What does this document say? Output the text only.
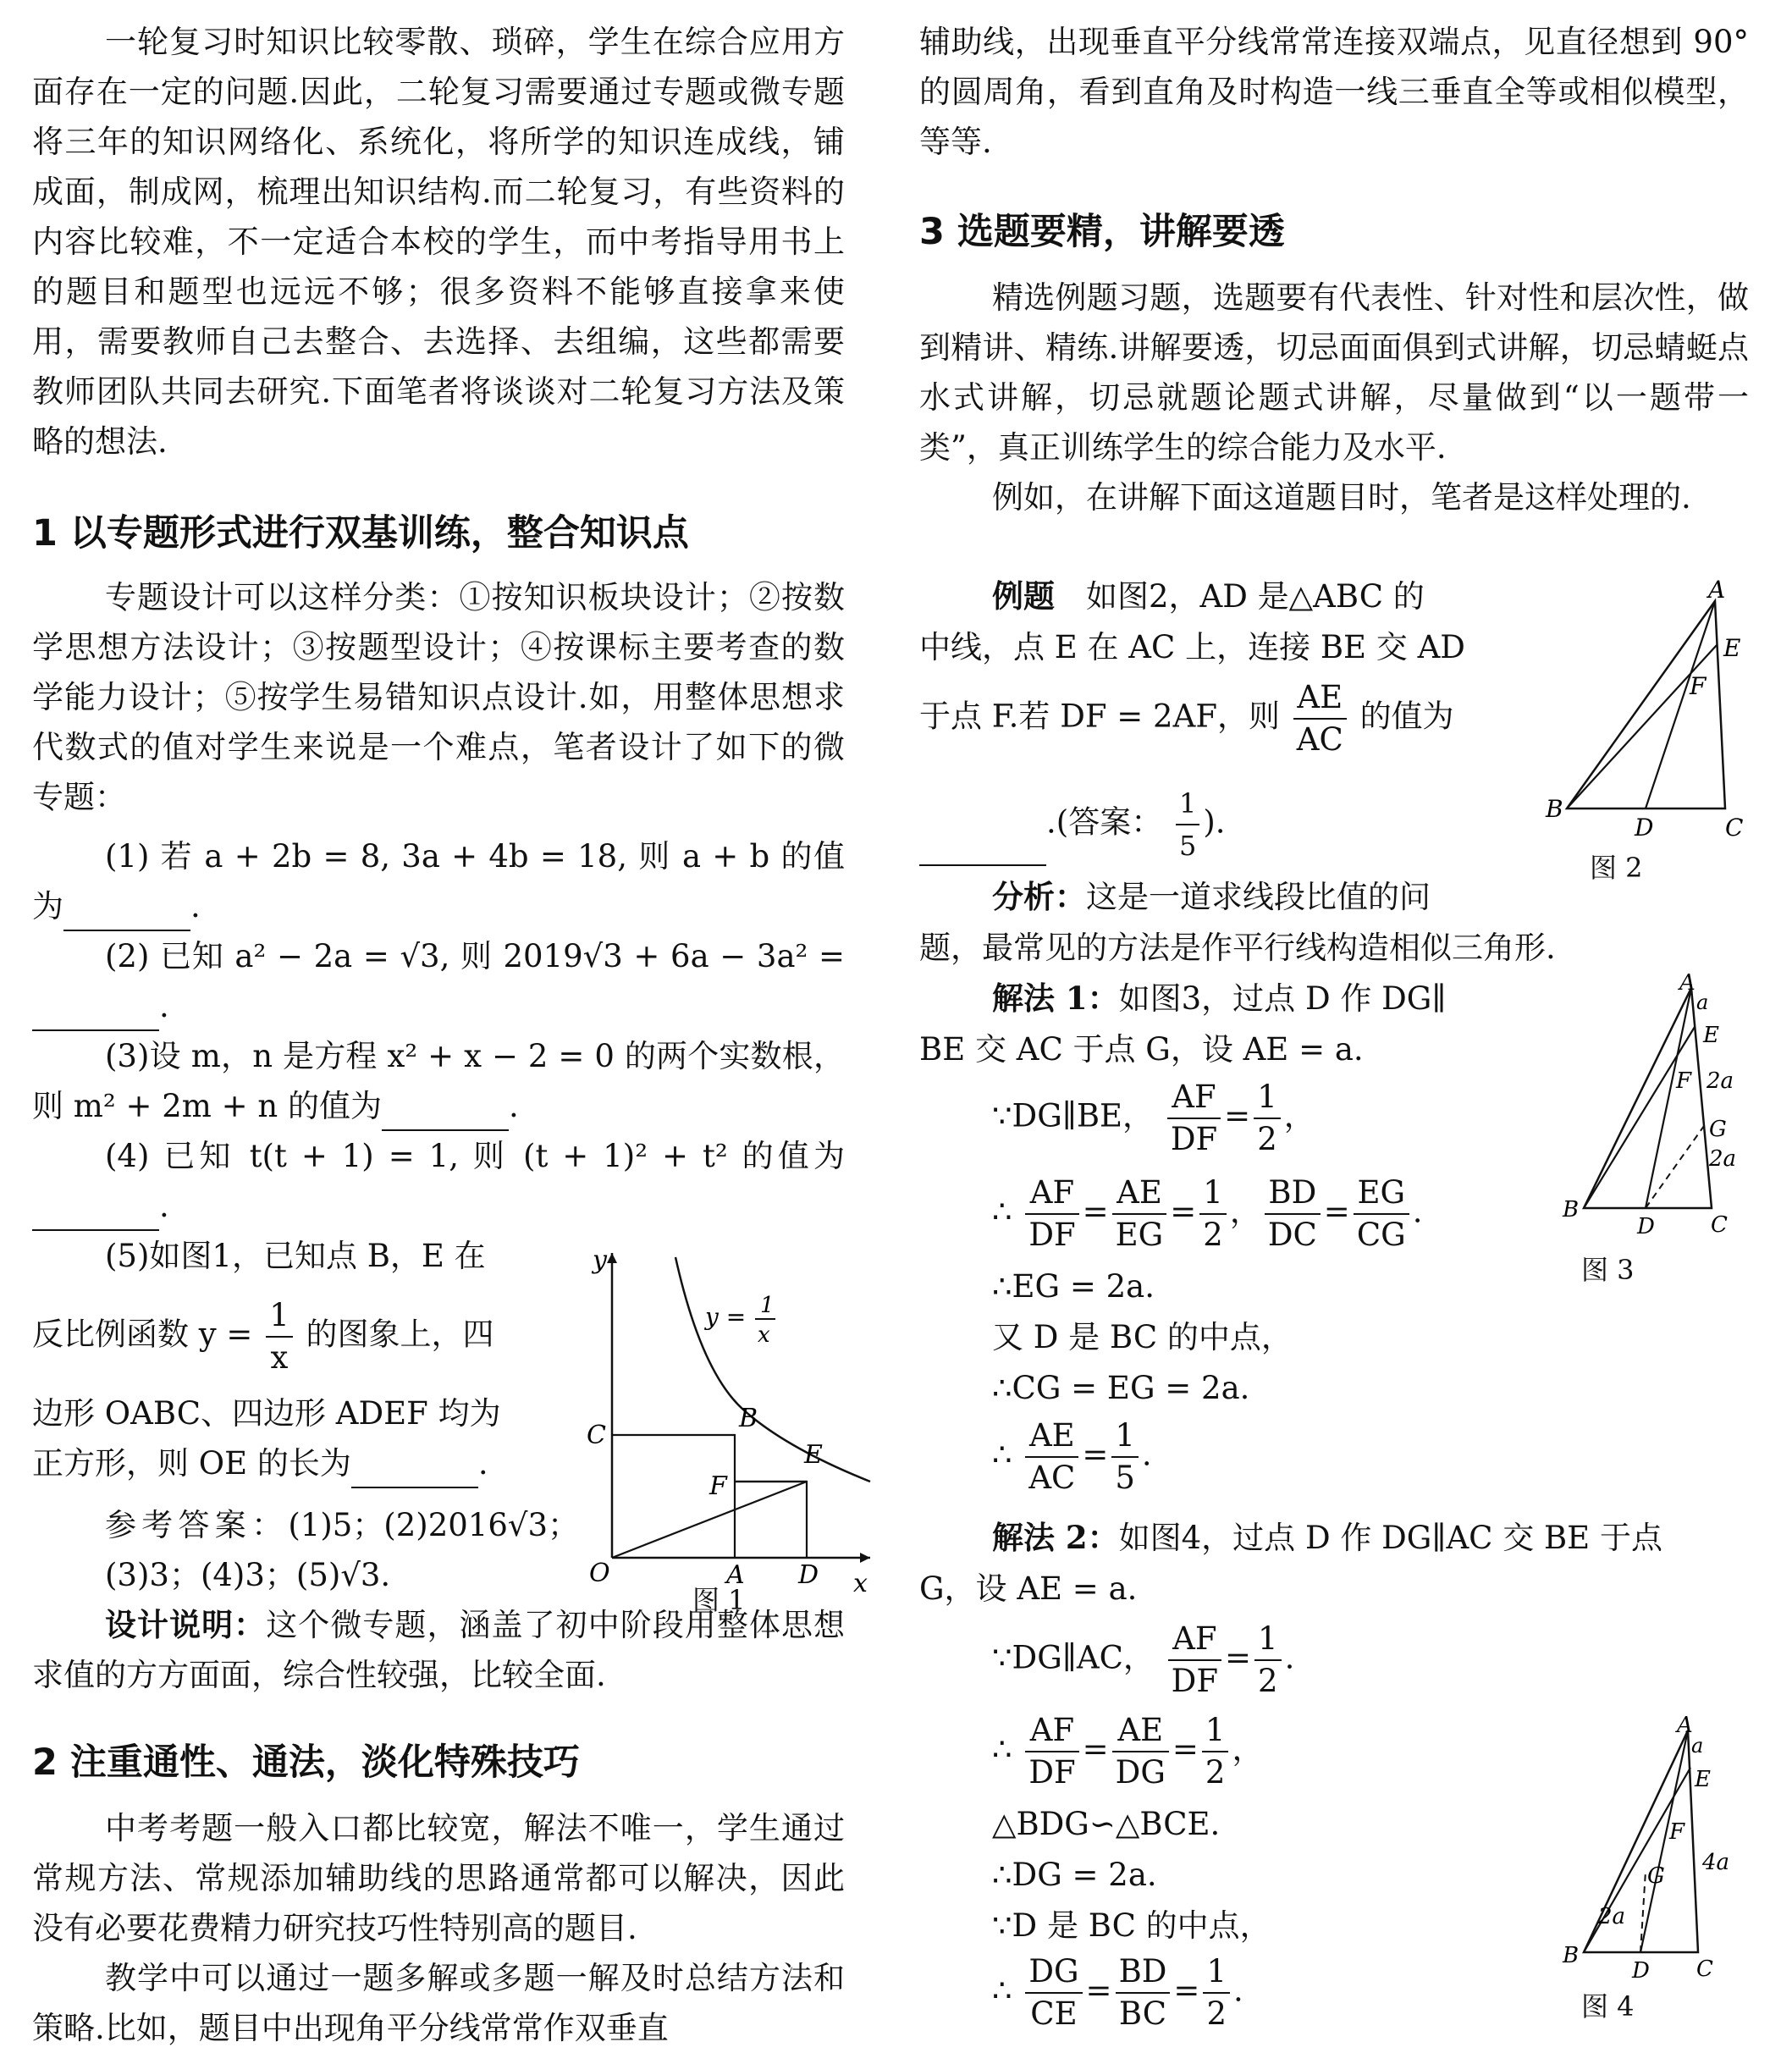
一轮复习时知识比较零散、琐碎，学生在综合应用方面存在一定的问题.因此，二轮复习需要通过专题或微专题将三年的知识网络化、系统化，将所学的知识连成线，铺成面，制成网，梳理出知识结构.而二轮复习，有些资料的内容比较难，不一定适合本校的学生，而中考指导用书上的题目和题型也远远不够；很多资料不能够直接拿来使用，需要教师自己去整合、去选择、去组编，这些都需要教师团队共同去研究.下面笔者将谈谈对二轮复习方法及策略的想法.

1 以专题形式进行双基训练，整合知识点

专题设计可以这样分类：①按知识板块设计；②按数学思想方法设计；③按题型设计；④按课标主要考查的数学能力设计；⑤按学生易错知识点设计.如，用整体思想求代数式的值对学生来说是一个难点，笔者设计了如下的微专题：

(1) 若 a + 2b = 8, 3a + 4b = 18, 则 a + b 的值为	.

(2) 已知 a² − 2a = √3, 则 2019√3 + 6a − 3a² =.

(3)设 m，n 是方程 x² + x − 2 = 0 的两个实数根，则 m² + 2m + n 的值为	.

(4) 已知 t(t + 1) = 1, 则 (t + 1)² + t² 的值为.

(5)如图1，已知点 B，E 在

反比例函数 $y = \frac{1}{x}$ 的图象上，四

边形 OABC、四边形 ADEF 均为

正方形，则 OE 的长为	.

参考答案：(1)5；(2)2016√3；(3)3；(4)3；(5)√3.

设计说明：这个微专题，涵盖了初中阶段用整体思想求值的方方面面，综合性较强，比较全面.

2 注重通性、通法，淡化特殊技巧

中考考题一般入口都比较宽，解法不唯一，学生通过常规方法、常规添加辅助线的思路通常都可以解决，因此没有必要花费精力研究技巧性特别高的题目.

教学中可以通过一题多解或多题一解及时总结方法和策略.比如，题目中出现角平分线常常作双垂直

y
x
O	A D
C
B
E
F
y = 1
x
图 1

辅助线，出现垂直平分线常常连接双端点，见直径想到 90°的圆周角，看到直角及时构造一线三垂直全等或相似模型，等等.

3 选题要精，讲解要透

精选例题习题，选题要有代表性、针对性和层次性，做到精讲、精练.讲解要透，切忌面面俱到式讲解，切忌蜻蜓点水式讲解，切忌就题论题式讲解，尽量做到“以一题带一类”，真正训练学生的综合能力及水平.

例如，在讲解下面这道题目时，笔者是这样处理的.

例题　 如图2，AD 是△ABC 的

中线，点 E 在 AC 上，连接 BE 交 AD

于点 F.若 DF = 2AF，则 $\frac{AE}{AC}$ 的值为
.(答案： $\frac{1}{5}$ ).

分析：这是一道求线段比值的问

题，最常见的方法是作平行线构造相似三角形.

解法 1：如图3，过点 D 作 DG∥

BE 交 AC 于点 G，设 AE = a.

∵DG∥BE， $\frac{AF}{DF} = \frac{1}{2}$ ，
∴ $\frac{AF}{DF} = \frac{AE}{EG} = \frac{1}{2}$ ， $\frac{BD}{DC} = \frac{EG}{CG}$ .

∴EG = 2a.

又 D 是 BC 的中点，

∴CG = EG = 2a.

∴ $\frac{AE}{AC} = \frac{1}{5}$ .

解法 2：如图4，过点 D 作 DG∥AC 交 BE 于点

G，设 AE = a.

∵DG∥AC， $\frac{AF}{DF} = \frac{1}{2}$ .
∴ $\frac{AF}{DF} = \frac{AE}{DG} = \frac{1}{2}$ ，

△BDG∽△BCE.

∴DG = 2a.

∵D 是 BC 的中点，

∴ $\frac{DG}{CE} = \frac{BD}{BC} = \frac{1}{2}$ .
A
E
F
B
D	C
图 2
A
a
E
F 2a
G
2a
B
D	C
图 3
A
a
E
F
G
4a
2a
B
D C
图 4
